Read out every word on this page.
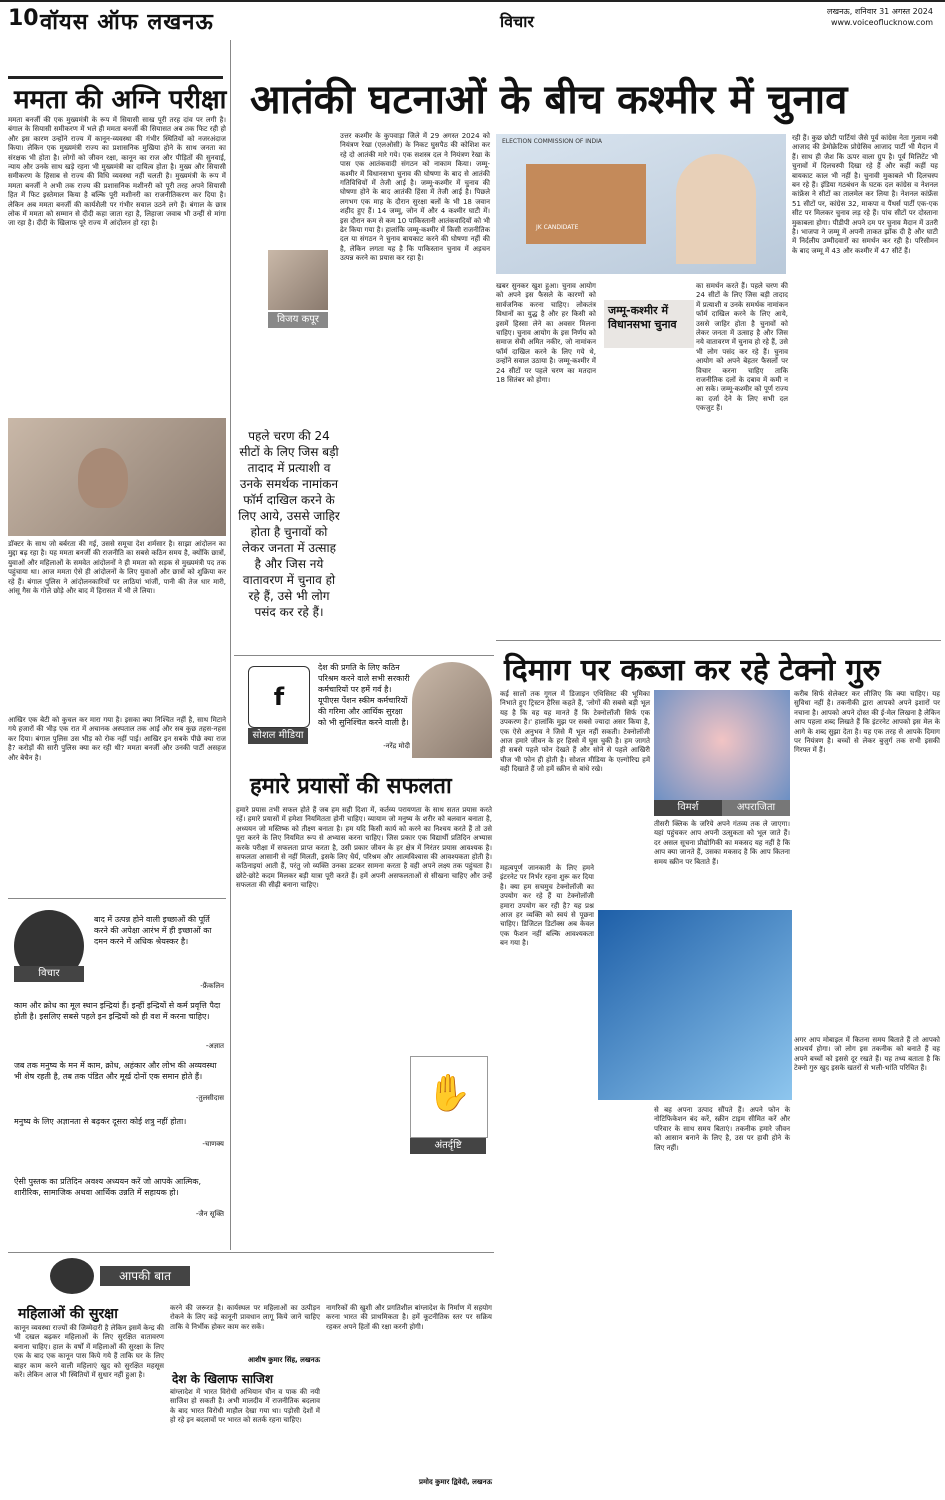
10 वॉयस ऑफ लखनऊ	विचार
लखनऊ, शनिवार 31 अगस्त 2024
www.voiceoflucknow.com
ममता की अग्नि परीक्षा
ममता बनर्जी की एक मुख्यमंत्री के रूप में सियासी साख पूरी तरह दांव पर लगी है। बंगाल के सियासी समीकरण में भले ही ममता बनर्जी की सियासत अब तक फिट रही हो और इस कारण उन्होंने राज्य में कानून-व्यवस्था की गंभीर स्थितियों को नजरअंदाज किया। लेकिन एक मुख्यमंत्री राज्य का प्रशासनिक मुखिया होने के साथ जनता का संरक्षक भी होता है। लोगों को जीवन रक्षा, कानून का राज और पीड़ितों की सुनवाई, न्याय और उनके साथ खड़े रहना भी मुख्यमंत्री का दायित्व होता है। मुख्य और सियासी समीकरण के हिसाब से राज्य की विधि व्यवस्था नहीं चलती है। मुख्यमंत्री के रूप में ममता बनर्जी ने अभी तक राज्य की प्रशासनिक मशीनरी को पूरी तरह अपने सियासी हित में फिट इस्तेमाल किया है बल्कि पूरी मशीनरी का राजनीतिकरण कर दिया है। लेकिन अब ममता बनर्जी की कार्यशैली पर गंभीर सवाल उठने लगे हैं। बंगाल के छात्र लोक में ममता को सम्मान से दीदी कहा जाता रहा है, लिहाजा जवाब भी उन्हीं से मांगा जा रहा है। दीदी के खिलाफ पूरे राज्य में आंदोलन हो रहा है।
डॉक्टर के साथ जो बर्बरता की गई, उससे समूचा देश शर्मसार है। साझा आंदोलन का मुद्दा बढ़ रहा है। यह ममता बनर्जी की राजनीति का सबसे कठिन समय है, क्योंकि छात्रों, युवाओं और महिलाओं के समवेत आंदोलनों ने ही ममता को सड़क से मुख्यमंत्री पद तक पहुंचाया था। आज ममता ऐसे ही आंदोलनों के लिए युवाओं और छात्रों को शुक्रिया कर रहे हैं। बंगाल पुलिस ने आंदोलनकारियों पर लाठियां भांजीं, पानी की तेज धार मारी, आंसू गैस के गोले छोड़े और बाद में हिरासत में भी ले लिया।
आखिर एक बेटी को कुचल कर मारा गया है। इसका क्या निश्चित नहीं है, साथ मिटाने गये हजारों की भीड़ एक रात में अचानक अस्पताल तक आई और सब कुछ तहस-नहस कर दिया। बंगाल पुलिस उस भीड़ को रोक नहीं पाई। आखिर इन सबके पीछे क्या राज है? करोड़ों की सारी पुलिस क्या कर रही थी? ममता बनर्जी और उनकी पार्टी असहज और बेचैन है।
विचार
बाद में उत्पन्न होने वाली इच्छाओं की पूर्ति करने की अपेक्षा आरंभ में ही इच्छाओं का दमन करने में अधिक श्रेयस्कर है।
-फ्रैंकलिन
काम और क्रोध का मूल स्थान इन्द्रियां हैं। इन्हीं इन्द्रियों से कर्म प्रवृत्ति पैदा होती है। इसलिए सबसे पहले इन इन्द्रियों को ही वश में करना चाहिए।
-अज्ञात
जब तक मनुष्य के मन में काम, क्रोध, अहंकार और लोभ की अव्यवस्था भी शेष रहती है, तब तक पंडित और मूर्ख दोनों एक समान होते हैं।
-तुलसीदास
मनुष्य के लिए अज्ञानता से बढ़कर दूसरा कोई शत्रु नहीं होता।
-चाणक्य
ऐसी पुस्तक का प्रतिदिन अवश्य अध्ययन करें जो आपके आत्मिक, शारीरिक, सामाजिक अथवा आर्थिक उन्नति में सहायक हो।
-जैन सूक्ति
आतंकी घटनाओं के बीच कश्मीर में चुनाव
उत्तर कश्मीर के कुपवाड़ा जिले में 29 अगस्त 2024 को नियंत्रण रेखा (एलओसी) के निकट घुसपैठ की कोशिश कर रहे दो आतंकी मारे गये। एक सशस्त्र दल ने नियंत्रण रेखा के पास एक आतंकवादी संगठन को नाकाम किया। जम्मू-कश्मीर में विधानसभा चुनाव की घोषणा के बाद से आतंकी गतिविधियों में तेजी आई है। जम्मू-कश्मीर में चुनाव की घोषणा होने के बाद आतंकी हिंसा में तेजी आई है। पिछले लगभग एक माह के दौरान सुरक्षा बलों के भी 18 जवान शहीद हुए हैं। 14 जम्मू, जोन में और 4 कश्मीर घाटी में। इस दौरान कम से कम 10 पाकिस्तानी आतंकवादियों को भी ढेर किया गया है। हालांकि जम्मू-कश्मीर में किसी राजनीतिक दल या संगठन ने चुनाव बायकाट करने की घोषणा नहीं की है, लेकिन लगता यह है कि पाकिस्तान चुनाव में अड़चन उत्पन्न करने का प्रयास कर रहा है।
विजय कपूर
पहले चरण की 24 सीटों के लिए जिस बड़ी तादाद में प्रत्याशी व उनके समर्थक नामांकन फॉर्म दाखिल करने के लिए आये, उससे जाहिर होता है चुनावों को लेकर जनता में उत्साह है और जिस नये वातावरण में चुनाव हो रहे हैं, उसे भी लोग पसंद कर रहे हैं।
ELECTION COMMISSION OF INDIA
JK CANDIDATE
खबर सुनकर खुश हुआ। चुनाव आयोग को अपने इस फैसले के कारणों को सार्वजनिक करना चाहिए। लोकतंत्र विधानों का युद्ध है और हर किसी को इसमें हिस्सा लेने का अवसर मिलना चाहिए। चुनाव आयोग के इस निर्णय को समाज सेवी अमित नकीर, जो नामांकन फॉर्म दाखिल करने के लिए गये थे, उन्होंने सवाल उठाया है। जम्मू-कश्मीर में 24 सीटों पर पहले चरण का मतदान 18 सितंबर को होगा।
जम्मू-कश्मीर में विधानसभा चुनाव
का समर्थन करते हैं। पहले चरण की 24 सीटों के लिए जिस बड़ी तादाद में प्रत्याशी व उनके समर्थक नामांकन फॉर्म दाखिल करने के लिए आये, उससे जाहिर होता है चुनावों को लेकर जनता में उत्साह है और जिस नये वातावरण में चुनाव हो रहे हैं, उसे भी लोग पसंद कर रहे हैं। चुनाव आयोग को अपने बेहतर फैसलों पर विचार करना चाहिए ताकि राजनीतिक दलों के दबाव में कमी न आ सके। जम्मू-कश्मीर को पूर्ण राज्य का दर्जा देने के लिए सभी दल एकजुट हैं।
रही हैं। कुछ छोटी पार्टियां जैसे पूर्व कांग्रेस नेता गुलाम नबी आजाद की डेमोक्रेटिक प्रोग्रेसिव आजाद पार्टी भी मैदान में हैं। साथ ही जैश कि ऊपर वाला ग्रुप है। पूर्व मिलिटेंट भी चुनावों में दिलचस्पी दिखा रहे हैं और कहीं कहीं यह बायकाट काल भी नहीं है। चुनावी मुकाबले भी दिलचस्प बन रहे हैं। इंडिया गठबंधन के घटक दल कांग्रेस व नेशनल कांफ्रेंस ने सीटों का तालमेल कर लिया है। नेशनल कांफ्रेंस 51 सीटों पर, कांग्रेस 32, माकपा व पैंथर्स पार्टी एक-एक सीट पर मिलकर चुनाव लड़ रहे हैं। पांच सीटों पर दोस्ताना मुकाबला होगा। पीडीपी अपने दम पर चुनाव मैदान में उतरी है। भाजपा ने जम्मू में अपनी ताकत झोंक दी है और घाटी में निर्दलीय उम्मीदवारों का समर्थन कर रही है। परिसीमन के बाद जम्मू में 43 और कश्मीर में 47 सीटें हैं।
f
सोशल मीडिया
देश की प्रगति के लिए कठिन परिश्रम करने वाले सभी सरकारी कर्मचारियों पर हमें गर्व है। यूपीएस पेंशन स्कीम कर्मचारियों की गरिमा और आर्थिक सुरक्षा को भी सुनिश्चित करने वाली है।
-नरेंद्र मोदी
हमारे प्रयासों की सफलता
हमारे प्रयास तभी सफल होते हैं जब हम सही दिशा में, कर्तव्य परायणता के साथ सतत प्रयास करते रहें। हमारे प्रयासों में हमेशा नियमितता होनी चाहिए। व्यायाम जो मनुष्य के शरीर को बलवान बनाता है, अध्ययन जो मस्तिष्क को तीक्ष्ण बनाता है। हम यदि किसी कार्य को करने का निश्चय करते हैं तो उसे पूरा करने के लिए नियमित रूप से अभ्यास करना चाहिए। जिस प्रकार एक विद्यार्थी प्रतिदिन अभ्यास करके परीक्षा में सफलता प्राप्त करता है, उसी प्रकार जीवन के हर क्षेत्र में निरंतर प्रयास आवश्यक है। सफलता आसानी से नहीं मिलती, इसके लिए धैर्य, परिश्रम और आत्मविश्वास की आवश्यकता होती है। कठिनाइयां आती हैं, परंतु जो व्यक्ति उनका डटकर सामना करता है वही अपने लक्ष्य तक पहुंचता है। छोटे-छोटे कदम मिलकर बड़ी यात्रा पूरी करते हैं। हमें अपनी असफलताओं से सीखना चाहिए और उन्हें सफलता की सीढ़ी बनाना चाहिए।
✋
अंतर्दृष्टि
दिमाग पर कब्जा कर रहे टेक्नो गुरु
कई सालों तक गूगल में डिजाइन एथिसिस्ट की भूमिका निभाते हुए ट्रिस्टन हैरिस कहते हैं, 'लोगों की सबसे बड़ी भूल यह है कि वह यह मानते हैं कि टेक्नोलॉजी सिर्फ एक उपकरण है।' हालांकि मुझ पर सबसे ज्यादा असर किया है, एक ऐसे अनुभव ने जिसे मैं भूल नहीं सकती। टेक्नोलॉजी आज हमारे जीवन के हर हिस्से में घुस चुकी है। हम जागते ही सबसे पहले फोन देखते हैं और सोने से पहले आखिरी चीज भी फोन ही होती है। सोशल मीडिया के एल्गोरिद्म हमें वही दिखाते हैं जो हमें स्क्रीन से बांधे रखे।
विमर्श	अपराजिता
तीसरी क्लिक के जरिये अपने गंतव्य तक ले जाएगा। यहां पहुंचकर आप अपनी उत्सुकता को भूल जाते हैं। दर असल सूचना प्रौद्योगिकी का मकसद यह नहीं है कि आप क्या जानते हैं, उसका मकसद है कि आप कितना समय स्क्रीन पर बिताते हैं।
करीब सिर्फ सेलेक्टर कर लीजिए कि क्या चाहिए। यह सुविधा नहीं है। तकनीकी द्वारा आपको अपने इशारों पर नचाना है। आपको अपने दोस्त की ई-मेल लिखना है लेकिन आप पहला शब्द लिखते हैं कि इंटरनेट आपको इस मेल के आगे के शब्द सुझा देता है। यह एक तरह से आपके दिमाग पर नियंत्रण है। बच्चों से लेकर बुजुर्ग तक सभी इसकी गिरफ्त में हैं।
महत्वपूर्ण जानकारी के लिए हमने इंटरनेट पर निर्भर रहना शुरू कर दिया है। क्या हम सचमुच टेक्नोलॉजी का उपयोग कर रहे हैं या टेक्नोलॉजी हमारा उपयोग कर रही है? यह प्रश्न आज हर व्यक्ति को स्वयं से पूछना चाहिए। डिजिटल डिटॉक्स अब केवल एक फैशन नहीं बल्कि आवश्यकता बन गया है।
से बह अपना उत्पाद सौंपते हैं। अपने फोन के नोटिफिकेशन बंद करें, स्क्रीन टाइम सीमित करें और परिवार के साथ समय बिताएं। तकनीक हमारे जीवन को आसान बनाने के लिए है, उस पर हावी होने के लिए नहीं।
अगर आप मोबाइल में कितना समय बिताते हैं तो आपको आश्चर्य होगा। जो लोग इस तकनीक को बनाते हैं वह अपने बच्चों को इससे दूर रखते हैं। यह तथ्य बताता है कि टेक्नो गुरु खुद इसके खतरों से भली-भांति परिचित हैं।
आपकी बात
महिलाओं की सुरक्षा
कानून व्यवस्था राज्यों की जिम्मेदारी है लेकिन इसमें केन्द्र की भी दखल बढ़कर महिलाओं के लिए सुरक्षित वातावरण बनाना चाहिए। हाल के वर्षों में महिलाओं की सुरक्षा के लिए एक के बाद एक कानून पास किये गये हैं ताकि घर के लिए बाहर काम करने वाली महिलाएं खुद को सुरक्षित महसूस करें। लेकिन आज भी स्थितियों में सुधार नहीं हुआ है।
करने की जरूरत है। कार्यस्थल पर महिलाओं का उत्पीड़न रोकने के लिए कड़े कानूनी प्रावधान लागू किये जाने चाहिए ताकि वे निर्भीक होकर काम कर सकें।
आशीष कुमार सिंह, लखनऊ
देश के खिलाफ साजिश
बांग्लादेश में भारत विरोधी अभियान चीन व पाक की नयी साजिश हो सकती है। अभी मालदीव में राजनीतिक बदलाव के बाद भारत विरोधी माहौल देखा गया था। पड़ोसी देशों में हो रहे इन बदलावों पर भारत को सतर्क रहना चाहिए।
नागरिकों की खुशी और प्रगतिशील बांग्लादेश के निर्माण में सहयोग करना भारत की प्राथमिकता है। हमें कूटनीतिक स्तर पर सक्रिय रहकर अपने हितों की रक्षा करनी होगी।
प्रमोद कुमार द्विवेदी, लखनऊ
